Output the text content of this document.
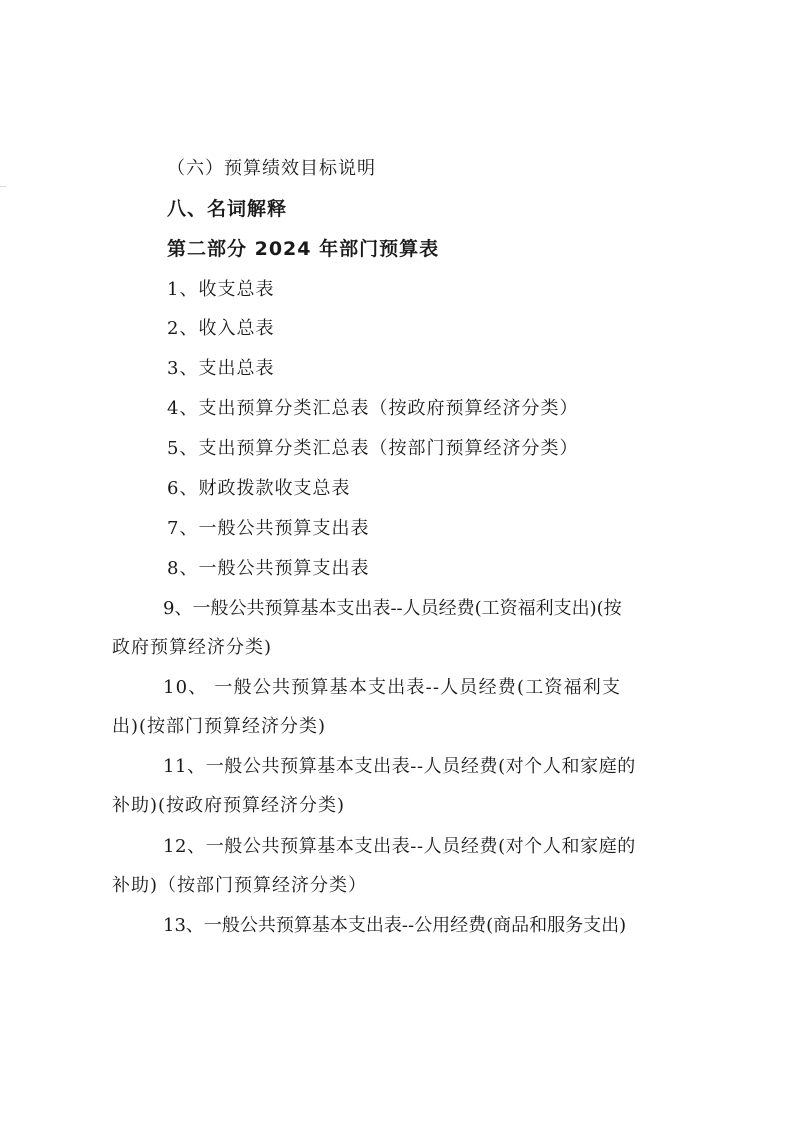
（六）预算绩效目标说明
八、名词解释
第二部分 2024 年部门预算表
1、收支总表
2、收入总表
3、支出总表
4、支出预算分类汇总表（按政府预算经济分类）
5、支出预算分类汇总表（按部门预算经济分类）
6、财政拨款收支总表
7、一般公共预算支出表
8、一般公共预算支出表
9、一般公共预算基本支出表--人员经费(工资福利支出)(按
政府预算经济分类)
10、 一般公共预算基本支出表--人员经费(工资福利支
出)(按部门预算经济分类)
11、一般公共预算基本支出表--人员经费(对个人和家庭的
补助)(按政府预算经济分类)
12、一般公共预算基本支出表--人员经费(对个人和家庭的
补助)（按部门预算经济分类）
13、一般公共预算基本支出表--公用经费(商品和服务支出)
